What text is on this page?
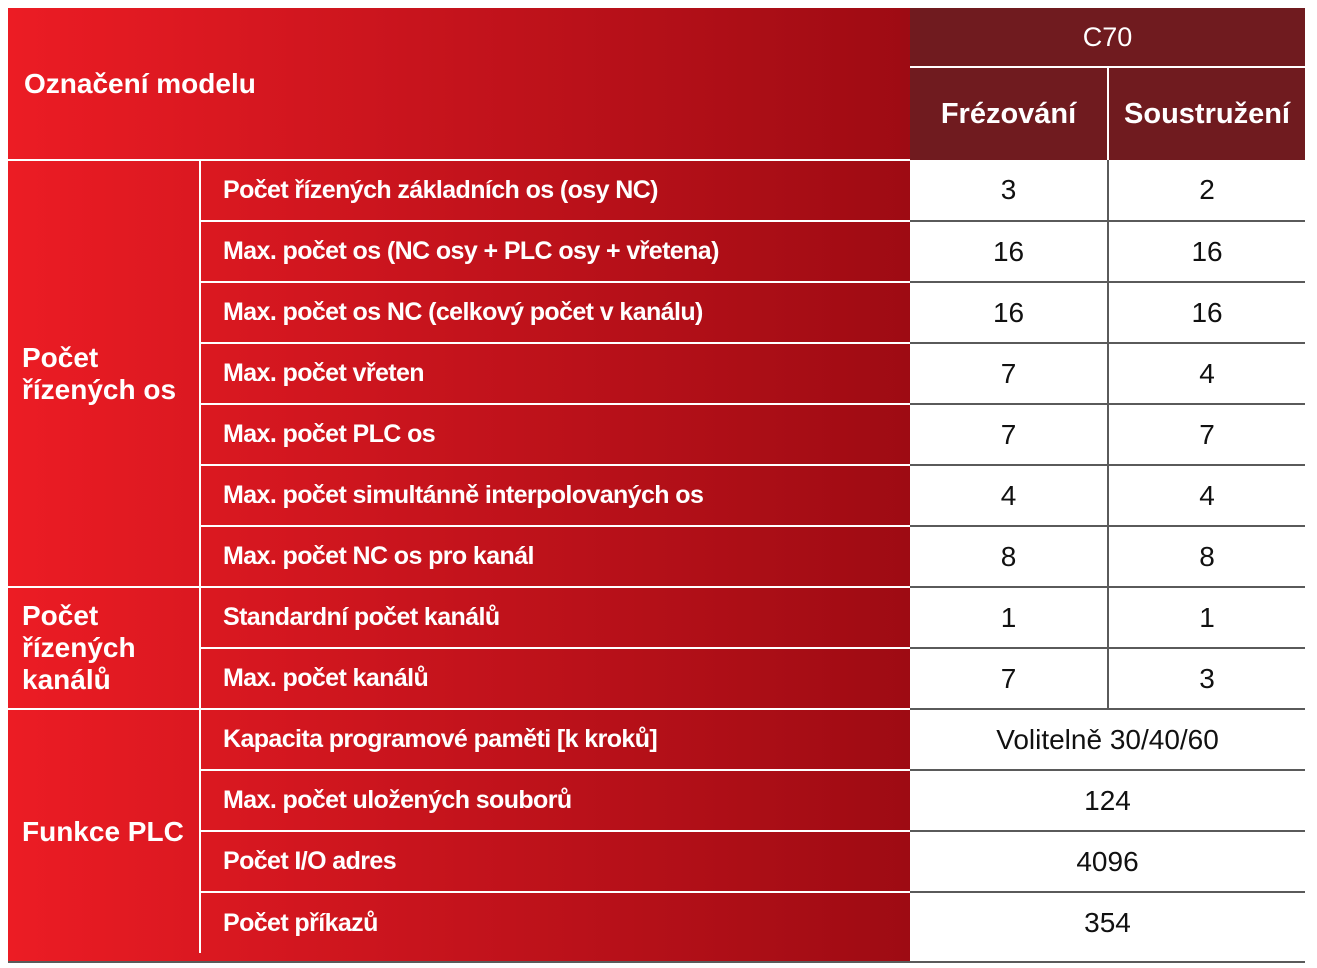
Označení modelu		C70	
		Frézování	Soustružení
Počet
řízených os	Počet řízených základních os (osy NC)	3	2
	Max. počet os (NC osy + PLC osy + vřetena)	16	16
	Max. počet os NC (celkový počet v kanálu)	16	16
	Max. počet vřeten	7	4
	Max. počet PLC os	7	7
	Max. počet simultánně interpolovaných os	4	4
	Max. počet NC os pro kanál	8	8
Počet
řízených
kanálů	Standardní počet kanálů	1	1
	Max. počet kanálů	7	3
Funkce PLC	Kapacita programové paměti [k kroků]	Volitelně 30/40/60	
	Max. počet uložených souborů	124	
	Počet I/O adres	4096	
	Počet příkazů	354	
